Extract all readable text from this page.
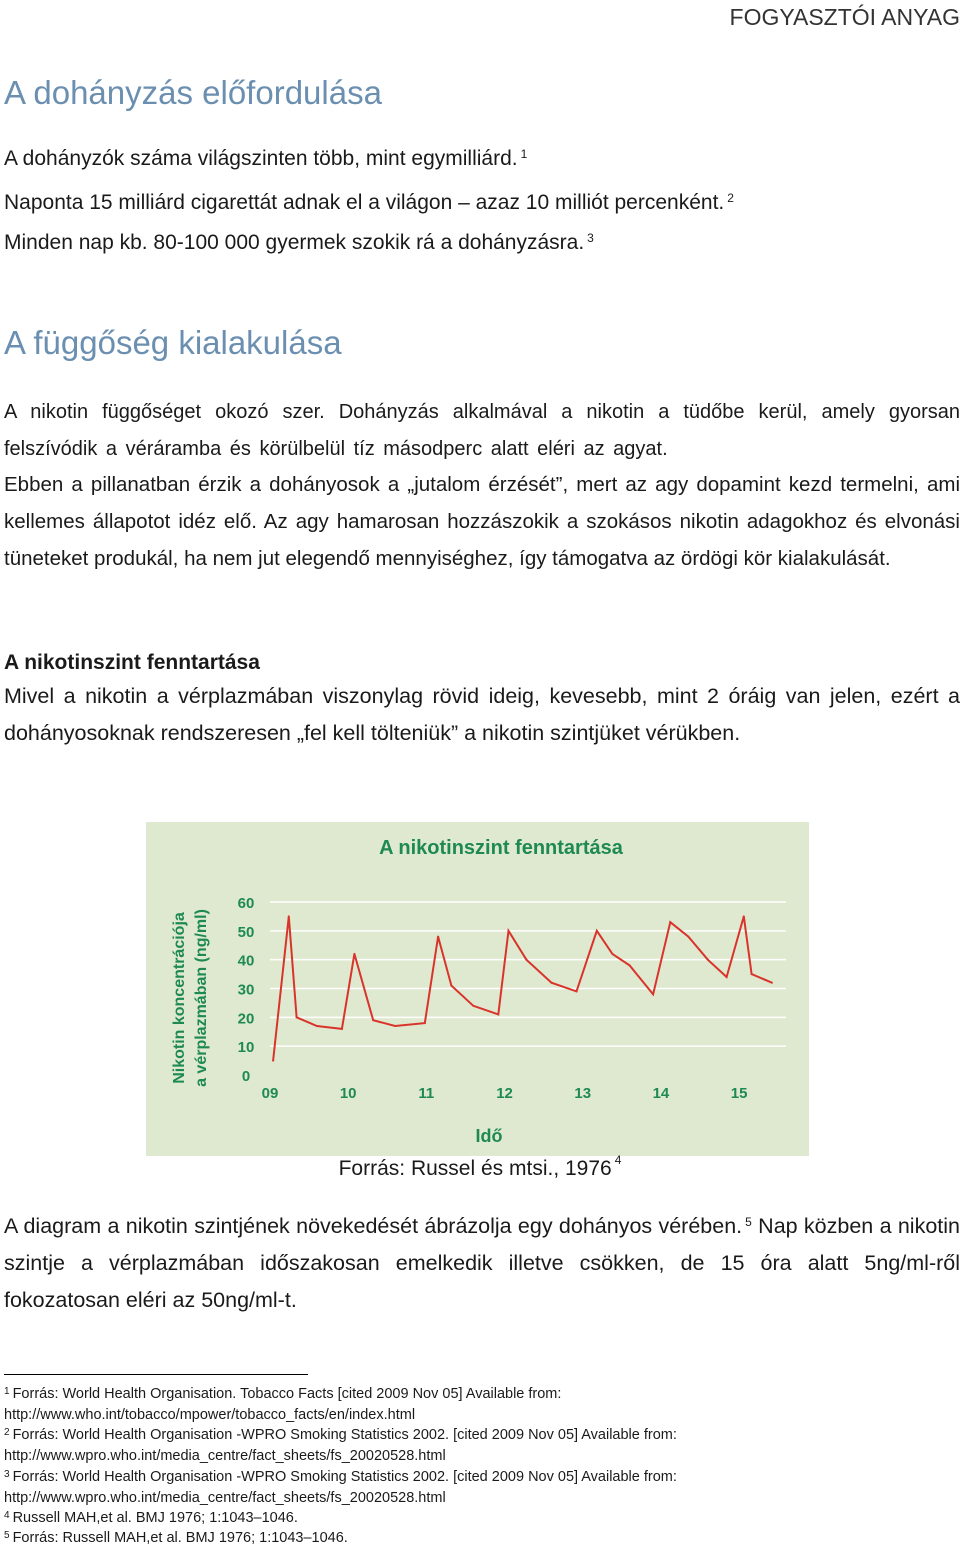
FOGYASZTÓI ANYAG
A dohányzás előfordulása
A dohányzók száma világszinten több, mint egymilliárd. $^1$
Naponta 15 milliárd cigarettát adnak el a világon – azaz 10 milliót percenként. $^2$
Minden nap kb. 80-100 000 gyermek szokik rá a dohányzásra. $^3$
A függőség kialakulása

A nikotin függőséget okozó szer. Dohányzás alkalmával a nikotin a tüdőbe kerül, amely gyorsan felszívódik a véráramba és körülbelül tíz másodperc alatt eléri az agyat.

Ebben a pillanatban érzik a dohányosok a „jutalom érzését”, mert az agy dopamint kezd termelni, ami kellemes állapotot idéz elő. Az agy hamarosan hozzászokik a szokásos nikotin adagokhoz és elvonási tüneteket produkál, ha nem jut elegendő mennyiséghez, így támogatva az ördögi kör kialakulását.

A nikotinszint fenntartása

Mivel a nikotin a vérplazmában viszonylag rövid ideig, kevesebb, mint 2 óráig van jelen, ezért a dohányosoknak rendszeresen „fel kell tölteniük” a nikotin szintjüket vérükben.

A nikotinszint fenntartása
0
10
20
30
40
50
60
09	10	11	12	13	14	15
Idő
Nikotin koncentrációja a vérplazmában (ng/ml)
Forrás: Russel és mtsi., 1976 $^4$

A diagram a nikotin szintjének növekedését ábrázolja egy dohányos vérében. $^5$ Nap közben a nikotin szintje a vérplazmában időszakosan emelkedik illetve csökken, de 15 óra alatt 5ng/ml-ről fokozatosan eléri az 50ng/ml-t.

$^1$ Forrás: World Health Organisation. Tobacco Facts [cited 2009 Nov 05] Available from:
http://www.who.int/tobacco/mpower/tobacco_facts/en/index.html
$^2$ Forrás: World Health Organisation -WPRO Smoking Statistics 2002. [cited 2009 Nov 05] Available from:
http://www.wpro.who.int/media_centre/fact_sheets/fs_20020528.html
$^3$ Forrás: World Health Organisation -WPRO Smoking Statistics 2002. [cited 2009 Nov 05] Available from:
http://www.wpro.who.int/media_centre/fact_sheets/fs_20020528.html
$^4$ Russell MAH,et al. BMJ 1976; 1:1043–1046.
$^5$ Forrás: Russell MAH,et al. BMJ 1976; 1:1043–1046.
